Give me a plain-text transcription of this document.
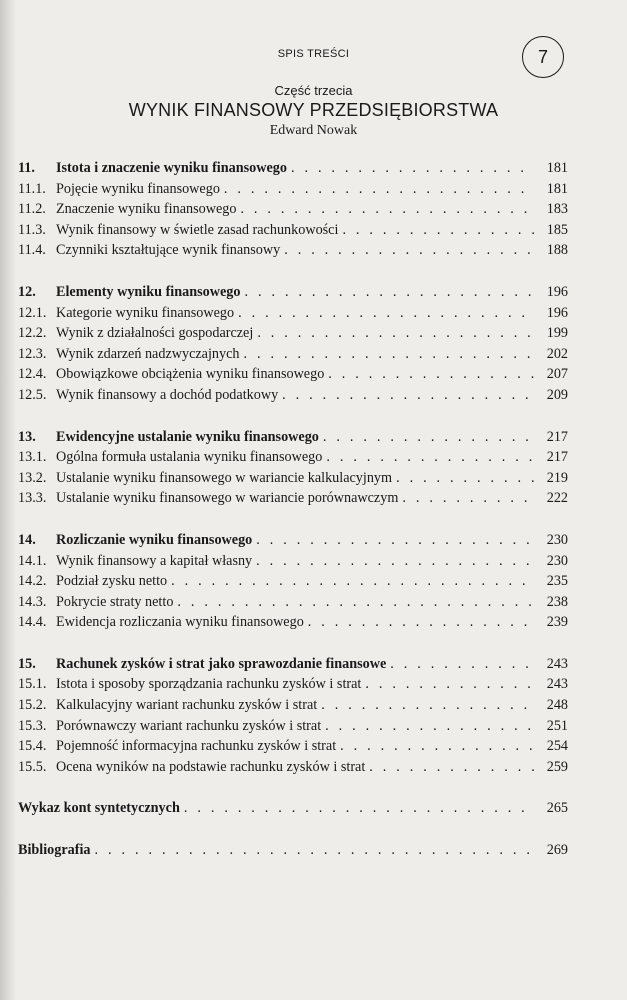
SPIS TREŚCI	7
Część trzecia
WYNIK FINANSOWY PRZEDSIĘBIORSTWA
Edward Nowak
11.	Istota i znaczenie wyniku finansowego . . .	181
11.1. Pojęcie wyniku finansowego . . .	181
11.2. Znaczenie wyniku finansowego . . .	183
11.3. Wynik finansowy w świetle zasad rachunkowości . . .	185
11.4. Czynniki kształtujące wynik finansowy . . .	188
12.	Elementy wyniku finansowego . . .	196
12.1. Kategorie wyniku finansowego . . .	196
12.2. Wynik z działalności gospodarczej . . .	199
12.3. Wynik zdarzeń nadzwyczajnych . . .	202
12.4. Obowiązkowe obciążenia wyniku finansowego . . .	207
12.5. Wynik finansowy a dochód podatkowy . . .	209
13.	Ewidencyjne ustalanie wyniku finansowego . . .	217
13.1. Ogólna formuła ustalania wyniku finansowego . . .	217
13.2. Ustalanie wyniku finansowego w wariancie kalkulacyjnym . . .	219
13.3. Ustalanie wyniku finansowego w wariancie porównawczym . . .	222
14.	Rozliczanie wyniku finansowego . . .	230
14.1. Wynik finansowy a kapitał własny . . .	230
14.2. Podział zysku netto . . .	235
14.3. Pokrycie straty netto . . .	238
14.4. Ewidencja rozliczania wyniku finansowego . . .	239
15.	Rachunek zysków i strat jako sprawozdanie finansowe . . .	243
15.1. Istota i sposoby sporządzania rachunku zysków i strat . . .	243
15.2. Kalkulacyjny wariant rachunku zysków i strat . . .	248
15.3. Porównawczy wariant rachunku zysków i strat . . .	251
15.4. Pojemność informacyjna rachunku zysków i strat . . .	254
15.5. Ocena wyników na podstawie rachunku zysków i strat . . .	259
Wykaz kont syntetycznych . . .	265
Bibliografia . . .	269
